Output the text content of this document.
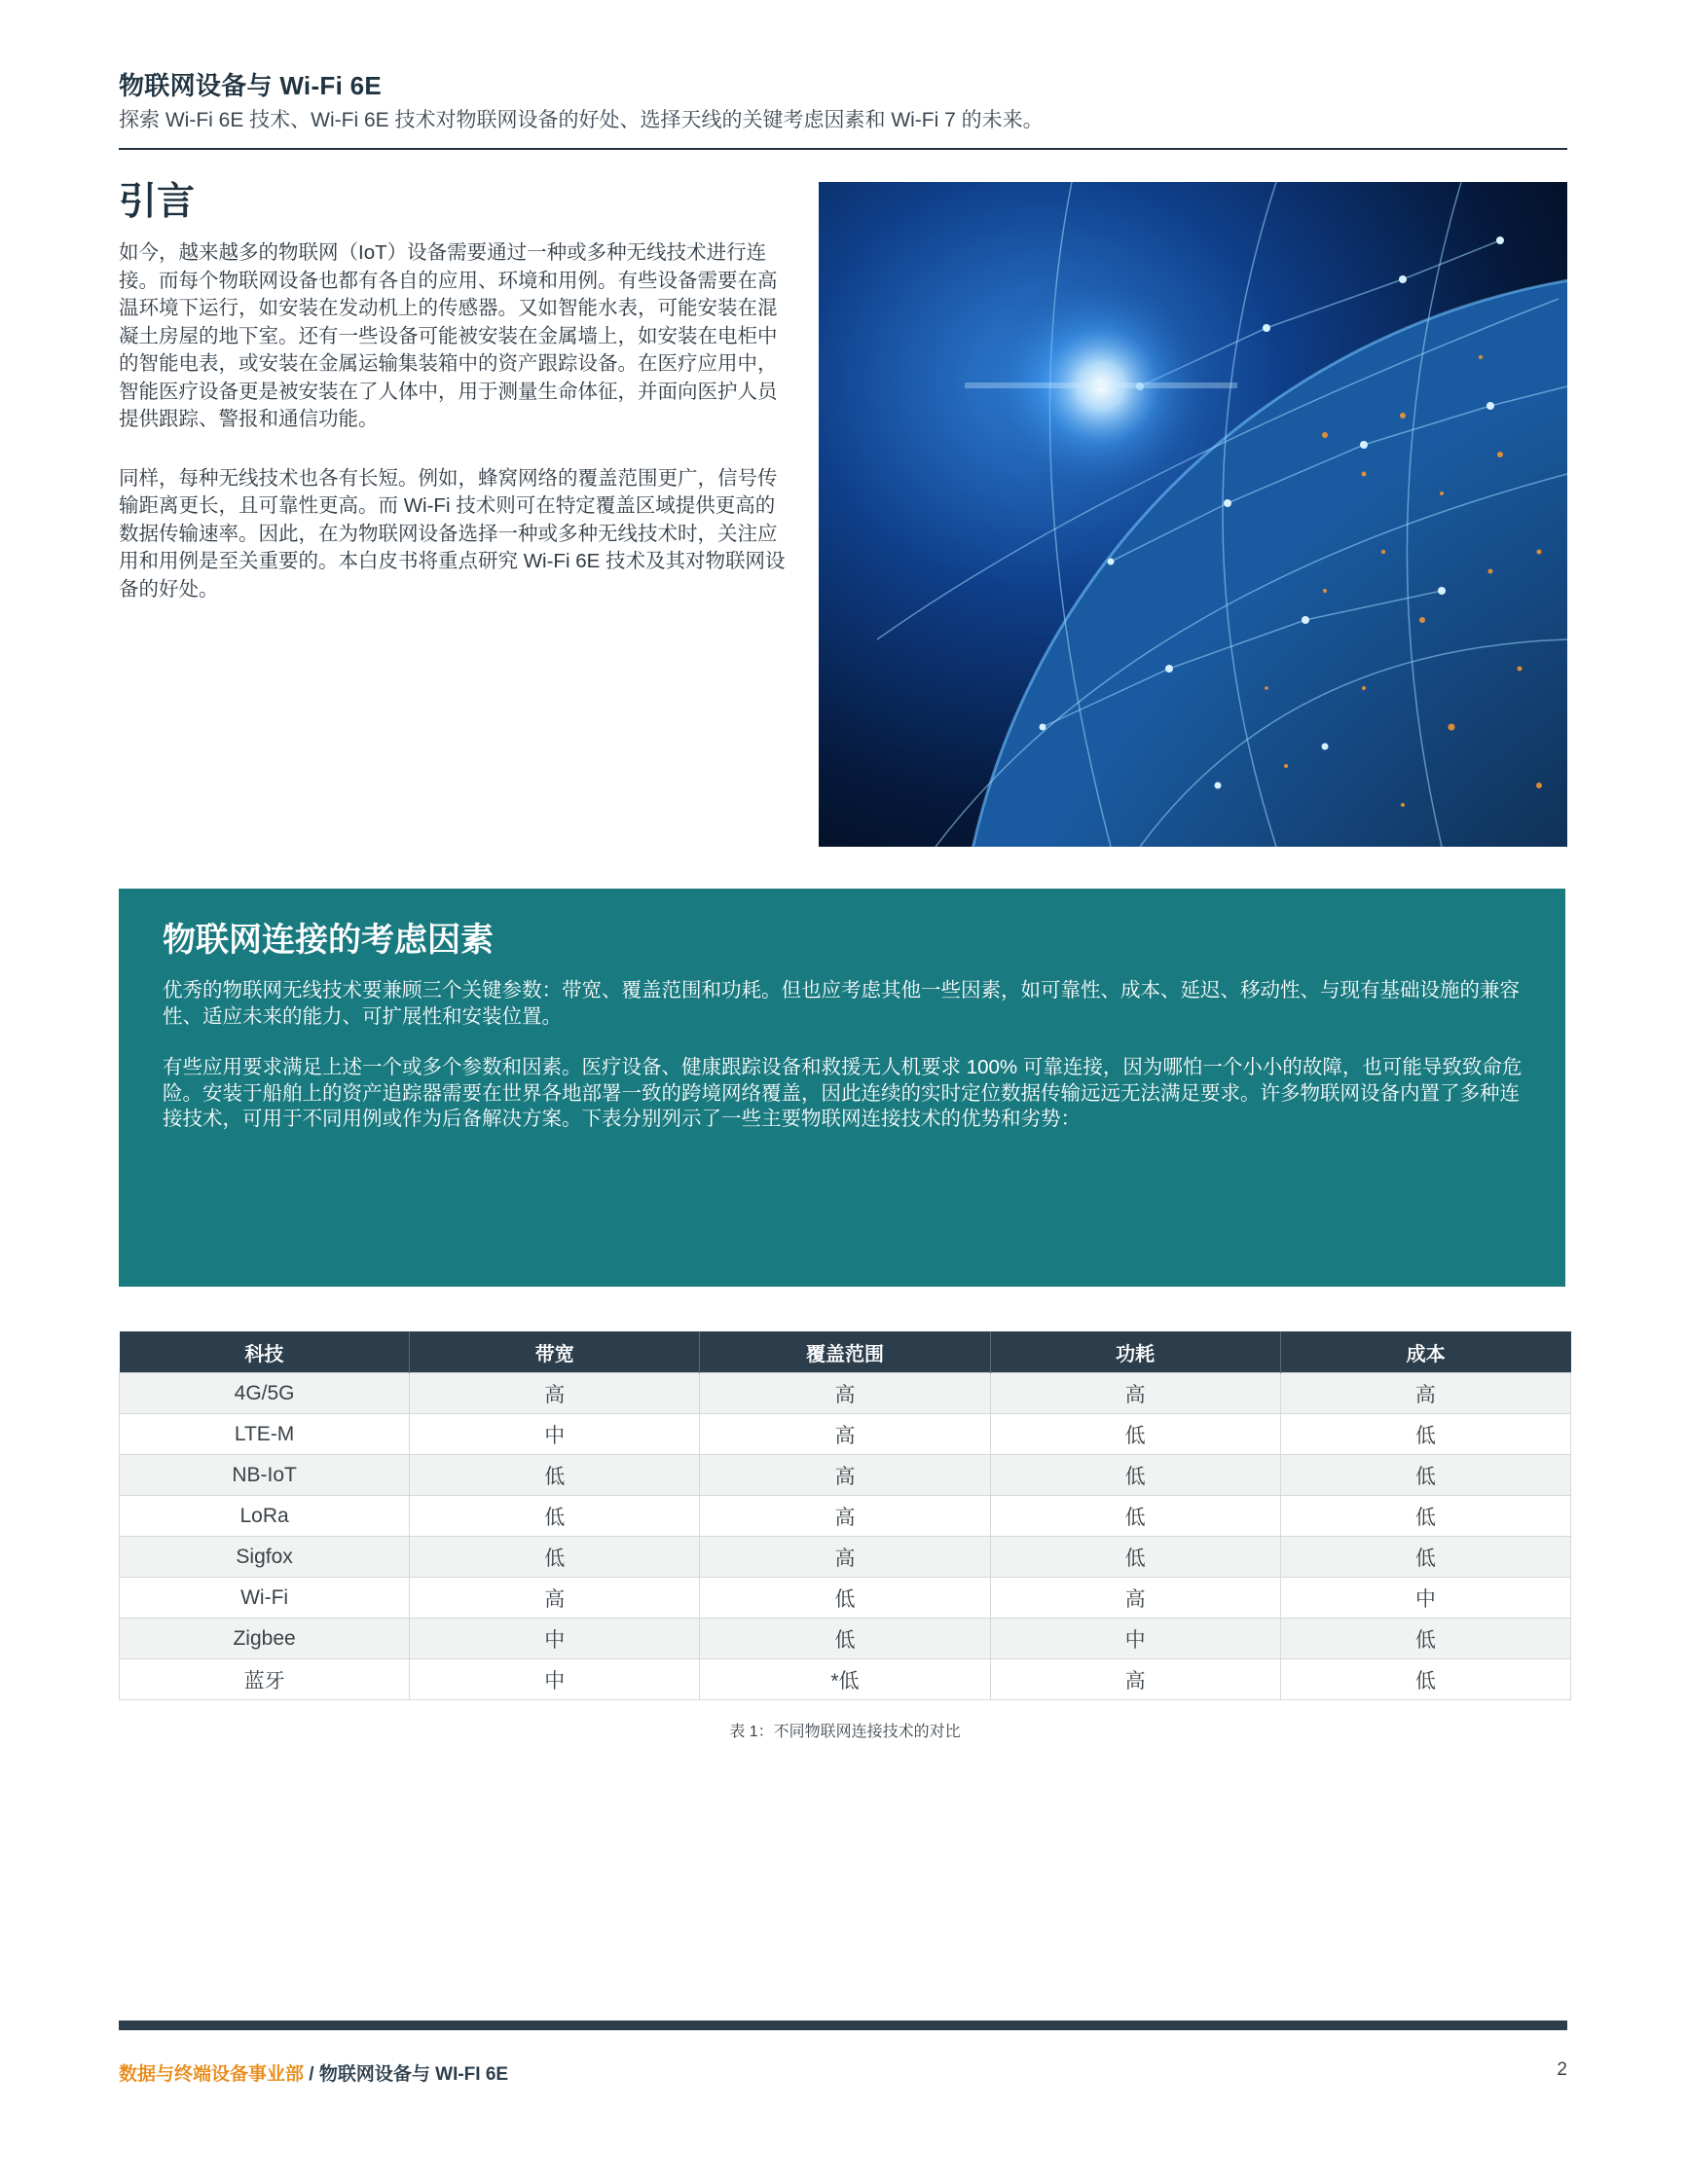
物联网设备与 Wi-Fi 6E
探索 Wi-Fi 6E 技术、Wi-Fi 6E 技术对物联网设备的好处、选择天线的关键考虑因素和 Wi-Fi 7 的未来。
引言

如今，越来越多的物联网（IoT）设备需要通过一种或多种无线技术进行连接。而每个物联网设备也都有各自的应用、环境和用例。有些设备需要在高温环境下运行，如安装在发动机上的传感器。又如智能水表，可能安装在混凝土房屋的地下室。还有一些设备可能被安装在金属墙上，如安装在电柜中的智能电表，或安装在金属运输集装箱中的资产跟踪设备。在医疗应用中，智能医疗设备更是被安装在了人体中，用于测量生命体征，并面向医护人员提供跟踪、警报和通信功能。

同样，每种无线技术也各有长短。例如，蜂窝网络的覆盖范围更广，信号传输距离更长，且可靠性更高。而 Wi-Fi 技术则可在特定覆盖区域提供更高的数据传输速率。因此，在为物联网设备选择一种或多种无线技术时，关注应用和用例是至关重要的。本白皮书将重点研究 Wi-Fi 6E 技术及其对物联网设备的好处。

物联网连接的考虑因素

优秀的物联网无线技术要兼顾三个关键参数：带宽、覆盖范围和功耗。但也应考虑其他一些因素，如可靠性、成本、延迟、移动性、与现有基础设施的兼容性、适应未来的能力、可扩展性和安装位置。

有些应用要求满足上述一个或多个参数和因素。医疗设备、健康跟踪设备和救援无人机要求 100% 可靠连接，因为哪怕一个小小的故障，也可能导致致命危险。安装于船舶上的资产追踪器需要在世界各地部署一致的跨境网络覆盖，因此连续的实时定位数据传输远远无法满足要求。许多物联网设备内置了多种连接技术，可用于不同用例或作为后备解决方案。下表分别列示了一些主要物联网连接技术的优势和劣势：

科技	带宽	覆盖范围	功耗	成本
4G/5G	高	高	高	高
LTE-M	中	高	低	低
NB-IoT	低	高	低	低
LoRa	低	高	低	低
Sigfox	低	高	低	低
Wi-Fi	高	低	高	中
Zigbee	中	低	中	低
蓝牙	中	*低	高	低
表 1：不同物联网连接技术的对比
数据与终端设备事业部 / 物联网设备与 WI-FI 6E	2
